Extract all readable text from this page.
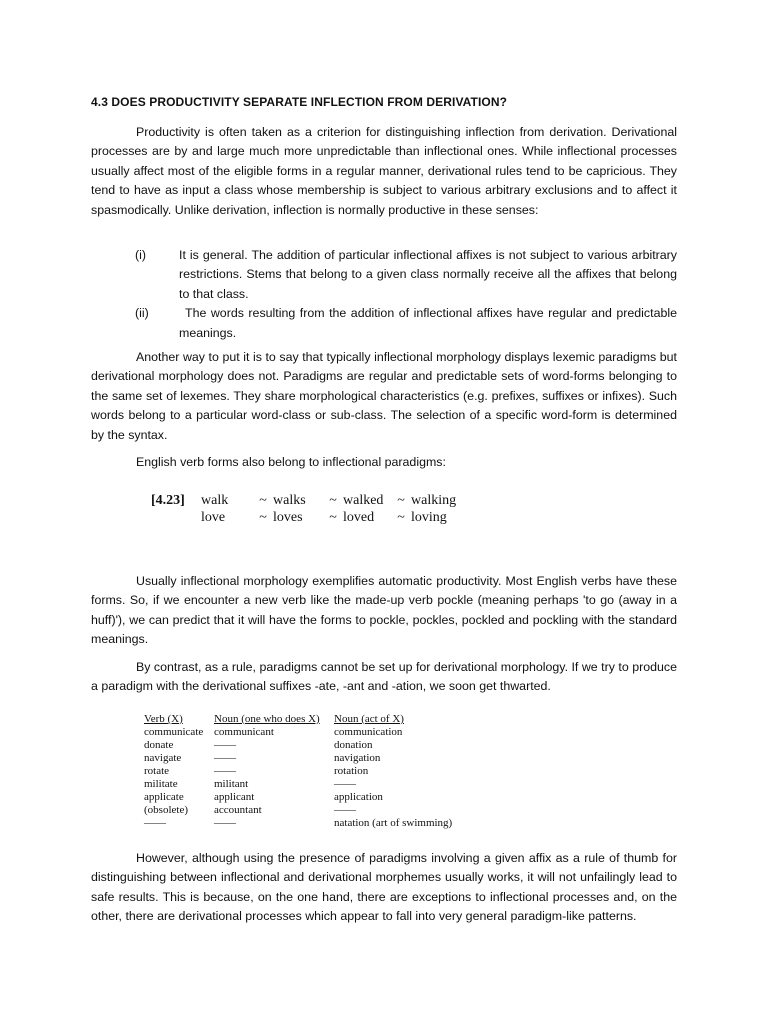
4.3 DOES PRODUCTIVITY SEPARATE INFLECTION FROM DERIVATION?

Productivity is often taken as a criterion for distinguishing inflection from derivation. Derivational processes are by and large much more unpredictable than inflectional ones. While inflectional processes usually affect most of the eligible forms in a regular manner, derivational rules tend to be capricious. They tend to have as input a class whose membership is subject to various arbitrary exclusions and to affect it spasmodically. Unlike derivation, inflection is normally productive in these senses:

(i)	It is general. The addition of particular inflectional affixes is not subject to various arbitrary restrictions. Stems that belong to a given class normally receive all the affixes that belong to that class.
(ii)	The words resulting from the addition of inflectional affixes have regular and predictable meanings.

Another way to put it is to say that typically inflectional morphology displays lexemic paradigms but derivational morphology does not. Paradigms are regular and predictable sets of word-forms belonging to the same set of lexemes. They share morphological characteristics (e.g. prefixes, suffixes or infixes). Such words belong to a particular word-class or sub-class. The selection of a specific word-form is determined by the syntax.

English verb forms also belong to inflectional paradigms:

[4.23]	walk	~ walks	~ walked ~ walking
love	~ loves	~ loved	~ loving

Usually inflectional morphology exemplifies automatic productivity. Most English verbs have these forms. So, if we encounter a new verb like the made-up verb pockle (meaning perhaps 'to go (away in a huff)'), we can predict that it will have the forms to pockle, pockles, pockled and pockling with the standard meanings.

By contrast, as a rule, paradigms cannot be set up for derivational morphology. If we try to produce a paradigm with the derivational suffixes -ate, -ant and -ation, we soon get thwarted.

Verb (X)	Noun (one who does X)	Noun (act of X)
communicate communicant	communication
donate	——	donation
navigate	——	navigation
rotate	——	rotation
militate	militant	——
applicate	applicant	application
(obsolete)	accountant	——
——	——	natation (art of swimming)

However, although using the presence of paradigms involving a given affix as a rule of thumb for distinguishing between inflectional and derivational morphemes usually works, it will not unfailingly lead to safe results. This is because, on the one hand, there are exceptions to inflectional processes and, on the other, there are derivational processes which appear to fall into very general paradigm-like patterns.
